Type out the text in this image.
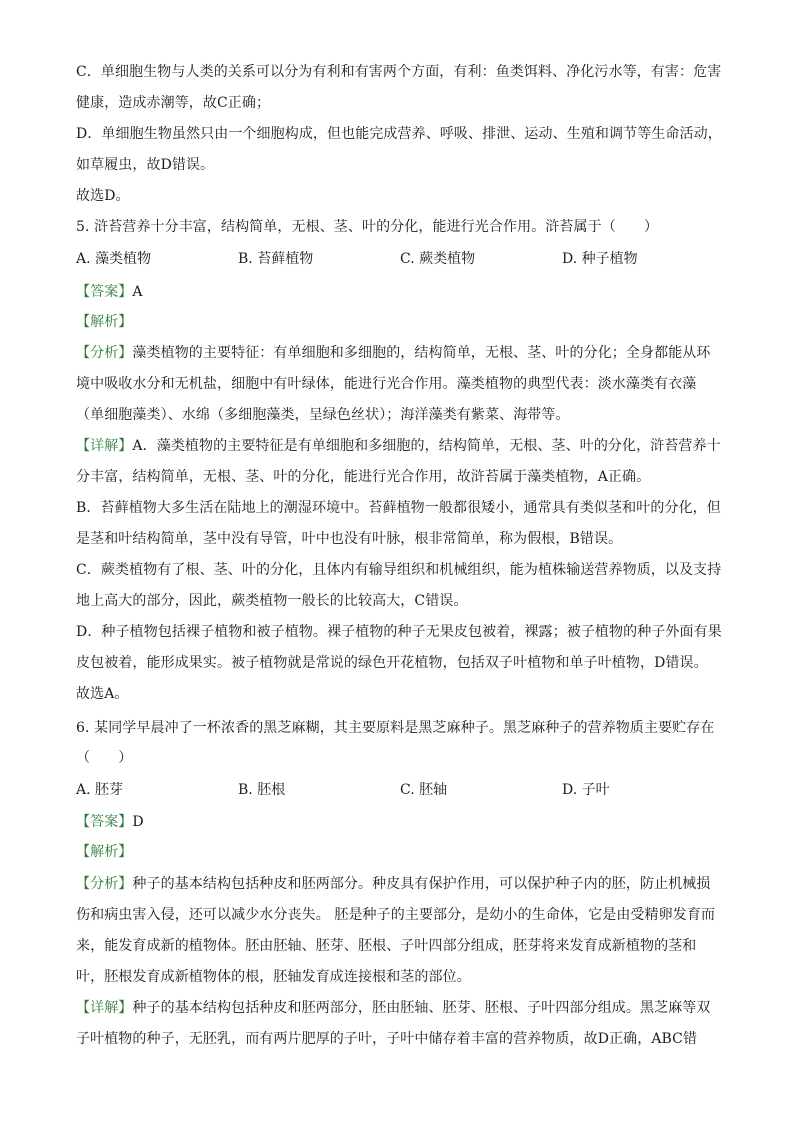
C．单细胞生物与人类的关系可以分为有利和有害两个方面，有利：鱼类饵料、净化污水等，有害：危害
健康，造成赤潮等，故C正确；
D．单细胞生物虽然只由一个细胞构成，但也能完成营养、呼吸、排泄、运动、生殖和调节等生命活动，
如草履虫，故D错误。
故选D。
5. 浒苔营养十分丰富，结构简单，无根、茎、叶的分化，能进行光合作用。浒苔属于（　　）
A. 藻类植物	B. 苔藓植物	C. 蕨类植物	D. 种子植物
【答案】A
【解析】
【分析】藻类植物的主要特征：有单细胞和多细胞的，结构简单，无根、茎、叶的分化；全身都能从环
境中吸收水分和无机盐，细胞中有叶绿体，能进行光合作用。藻类植物的典型代表：淡水藻类有衣藻
（单细胞藻类）、水绵（多细胞藻类，呈绿色丝状）；海洋藻类有紫菜、海带等。
【详解】A．藻类植物的主要特征是有单细胞和多细胞的，结构简单，无根、茎、叶的分化，浒苔营养十
分丰富，结构简单，无根、茎、叶的分化，能进行光合作用，故浒苔属于藻类植物，A正确。
B．苔藓植物大多生活在陆地上的潮湿环境中。苔藓植物一般都很矮小，通常具有类似茎和叶的分化，但
是茎和叶结构简单，茎中没有导管，叶中也没有叶脉，根非常简单，称为假根，B错误。
C．蕨类植物有了根、茎、叶的分化，且体内有输导组织和机械组织，能为植株输送营养物质，以及支持
地上高大的部分，因此，蕨类植物一般长的比较高大，C错误。
D．种子植物包括裸子植物和被子植物。裸子植物的种子无果皮包被着，裸露；被子植物的种子外面有果
皮包被着，能形成果实。被子植物就是常说的绿色开花植物，包括双子叶植物和单子叶植物，D错误。
故选A。
6. 某同学早晨冲了一杯浓香的黑芝麻糊，其主要原料是黑芝麻种子。黑芝麻种子的营养物质主要贮存在
（　　）
A. 胚芽	B. 胚根	C. 胚轴	D. 子叶
【答案】D
【解析】
【分析】种子的基本结构包括种皮和胚两部分。种皮具有保护作用，可以保护种子内的胚，防止机械损
伤和病虫害入侵，还可以减少水分丧失。 胚是种子的主要部分，是幼小的生命体，它是由受精卵发育而
来，能发育成新的植物体。胚由胚轴、胚芽、胚根、子叶四部分组成，胚芽将来发育成新植物的茎和
叶，胚根发育成新植物体的根，胚轴发育成连接根和茎的部位。
【详解】种子的基本结构包括种皮和胚两部分，胚由胚轴、胚芽、胚根、子叶四部分组成。黑芝麻等双
子叶植物的种子，无胚乳，而有两片肥厚的子叶，子叶中储存着丰富的营养物质，故D正确，ABC错
